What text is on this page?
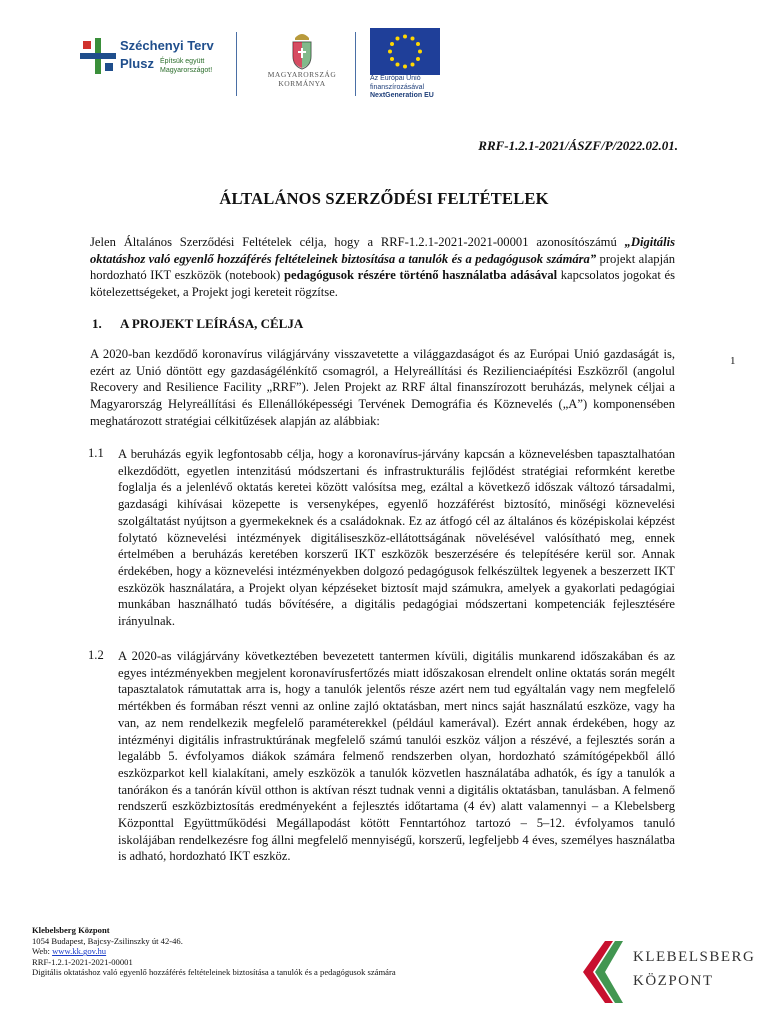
Széchenyi Terv
Plusz Építsük együtt Magyarországot!	MAGYARORSZÁG
KORMÁNYA
Az Európai Unió
finanszírozásával
NextGeneration EU
RRF-1.2.1-2021/ÁSZF/P/2022.02.01.
ÁLTALÁNOS SZERZŐDÉSI FELTÉTELEK
Jelen Általános Szerződési Feltételek célja, hogy a RRF-1.2.1-2021-2021-00001 azonosítószámú „Digitális oktatáshoz való egyenlő hozzáférés feltételeinek biztosítása a tanulók és a pedagógusok számára” projekt alapján hordozható IKT eszközök (notebook) pedagógusok részére történő használatba adásával kapcsolatos jogokat és kötelezettségeket, a Projekt jogi kereteit rögzítse.
1. A PROJEKT LEÍRÁSA, CÉLJA
A 2020-ban kezdődő koronavírus világjárvány visszavetette a világgazdaságot és az Európai Unió gazdaságát is, ezért az Unió döntött egy gazdaságélénkítő csomagról, a Helyreállítási és Rezilienciaépítési Eszközről (angolul Recovery and Resilience Facility „RRF”). Jelen Projekt az RRF által finanszírozott beruházás, melynek céljai a Magyarország Helyreállítási és Ellenállóképességi Tervének Demográfia és Köznevelés („A”) komponensében meghatározott stratégiai célkitűzések alapján az alábbiak:
1
1.1 A beruházás egyik legfontosabb célja, hogy a koronavírus-járvány kapcsán a köznevelésben tapasztalhatóan elkezdődött, egyetlen intenzitású módszertani és infrastrukturális fejlődést stratégiai reformként keretbe foglalja és a jelenlévő oktatás keretei között valósítsa meg, ezáltal a következő időszak változó társadalmi, gazdasági kihívásai közepette is versenyképes, egyenlő hozzáférést biztosító, minőségi köznevelési szolgáltatást nyújtson a gyermekeknek és a családoknak. Ez az átfogó cél az általános és középiskolai képzést folytató köznevelési intézmények digitáliseszköz-ellátottságának növelésével valósítható meg, ennek értelmében a beruházás keretében korszerű IKT eszközök beszerzésére és telepítésére kerül sor. Annak érdekében, hogy a köznevelési intézményekben dolgozó pedagógusok felkészültek legyenek a beszerzett IKT eszközök használatára, a Projekt olyan képzéseket biztosít majd számukra, amelyek a gyakorlati pedagógiai munkában használható tudás bővítésére, a digitális pedagógiai módszertani kompetenciák fejlesztésére irányulnak.
1.2 A 2020-as világjárvány következtében bevezetett tantermen kívüli, digitális munkarend időszakában és az egyes intézményekben megjelent koronavírusfertőzés miatt időszakosan elrendelt online oktatás során megélt tapasztalatok rámutattak arra is, hogy a tanulók jelentős része azért nem tud egyáltalán vagy nem megfelelő mértékben és formában részt venni az online zajló oktatásban, mert nincs saját használatú eszköze, vagy ha van, az nem rendelkezik megfelelő paraméterekkel (például kamerával). Ezért annak érdekében, hogy az intézményi digitális infrastruktúrának megfelelő számú tanulói eszköz váljon a részévé, a fejlesztés során a legalább 5. évfolyamos diákok számára felmenő rendszerben olyan, hordozható számítógépekből álló eszközparkot kell kialakítani, amely eszközök a tanulók közvetlen használatába adhatók, és így a tanulók a tanórákon és a tanórán kívül otthon is aktívan részt tudnak venni a digitális oktatásban, tanulásban. A felmenő rendszerű eszközbiztosítás eredményeként a fejlesztés időtartama (4 év) alatt valamennyi – a Klebelsberg Központtal Együttműködési Megállapodást kötött Fenntartóhoz tartozó – 5–12. évfolyamos tanuló iskolájában rendelkezésre fog állni megfelelő mennyiségű, korszerű, legfeljebb 4 éves, személyes használatba is adható, hordozható IKT eszköz.
Klebelsberg Központ
1054 Budapest, Bajcsy-Zsilinszky út 42-46.
Web: www.kk.gov.hu
RRF-1.2.1-2021-2021-00001
Digitális oktatáshoz való egyenlő hozzáférés feltételeinek biztosítása a tanulók és a pedagógusok számára
KLEBELSBERG
KÖZPONT
